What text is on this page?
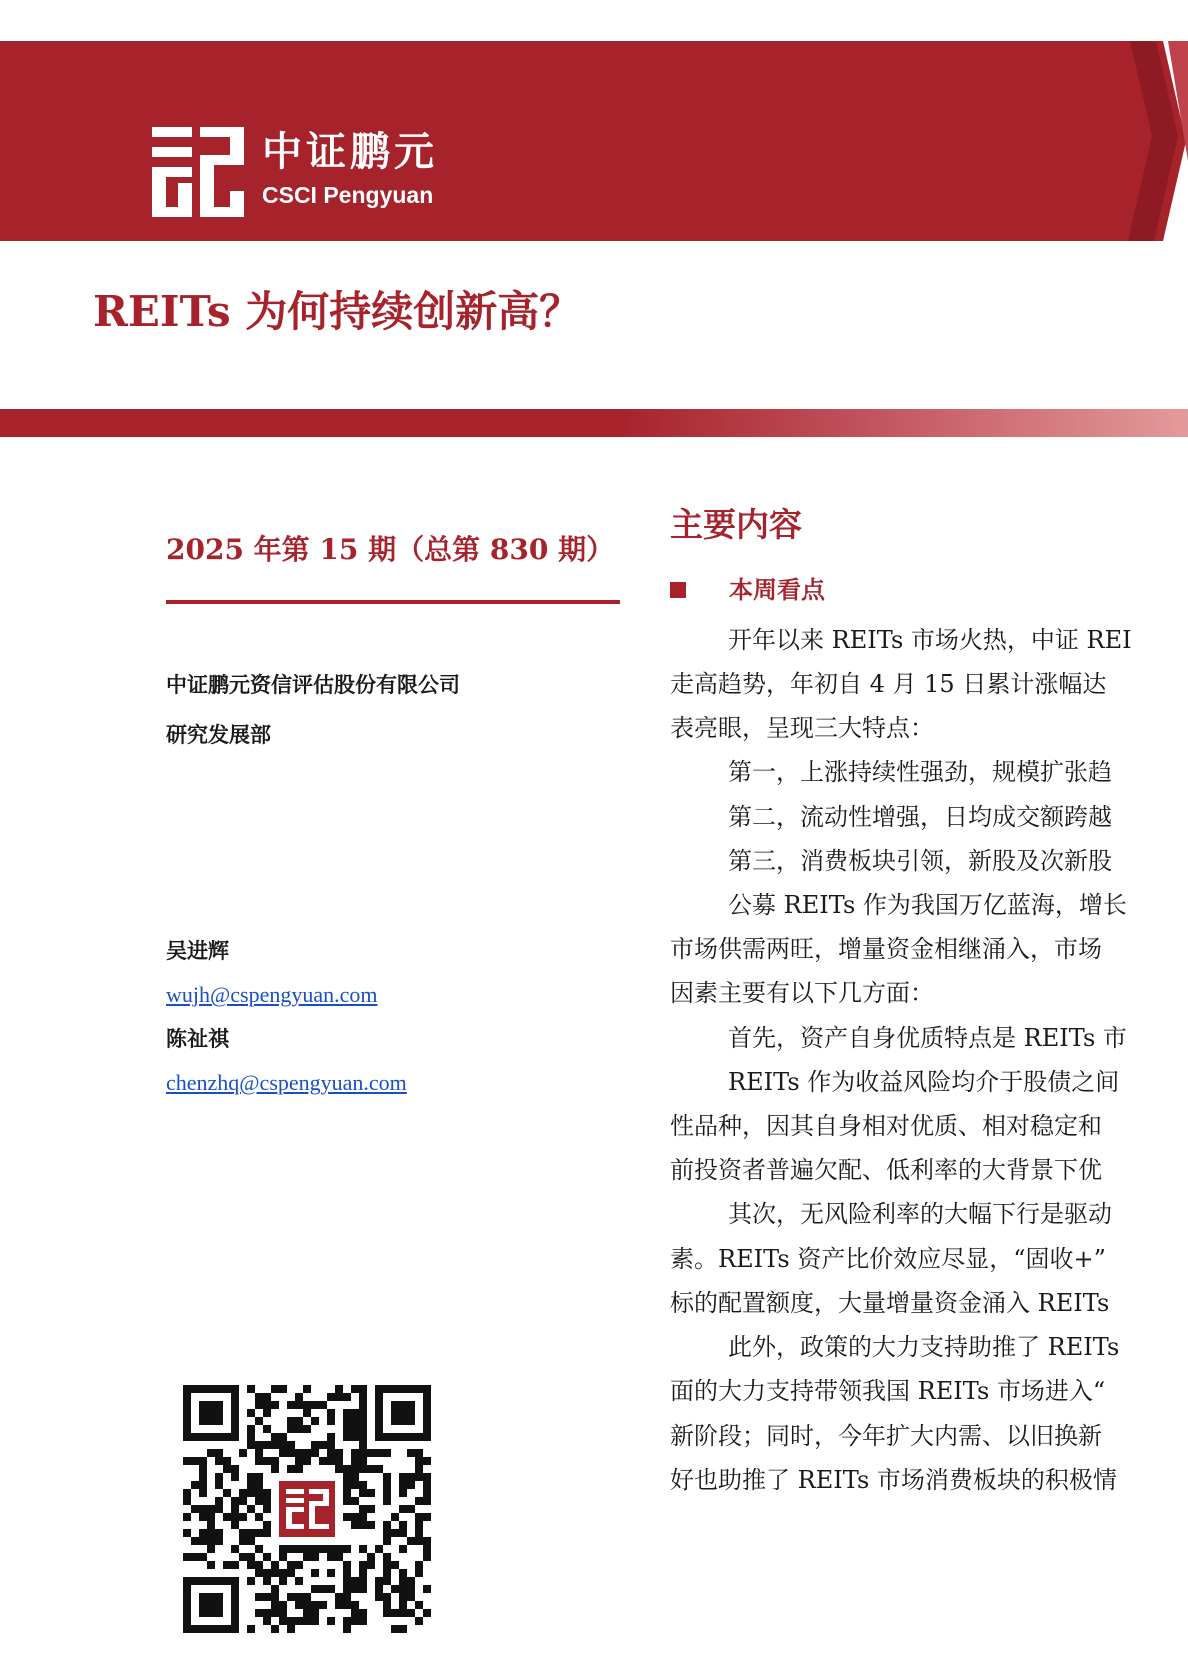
中证鹏元
CSCI Pengyuan
REITs 为何持续创新高？
2025 年第 15 期（总第 830 期）
中证鹏元资信评估股份有限公司
研究发展部
吴进辉
wujh@cspengyuan.com
陈祉祺
chenzhq@cspengyuan.com
主要内容
本周看点
开年以来 REITs 市场火热，中证 REI
走高趋势，年初自 4 月 15 日累计涨幅达
表亮眼，呈现三大特点：
第一，上涨持续性强劲，规模扩张趋
第二，流动性增强，日均成交额跨越
第三，消费板块引领，新股及次新股
公募 REITs 作为我国万亿蓝海，增长
市场供需两旺，增量资金相继涌入，市场
因素主要有以下几方面：
首先，资产自身优质特点是 REITs 市
REITs 作为收益风险均介于股债之间
性品种，因其自身相对优质、相对稳定和
前投资者普遍欠配、低利率的大背景下优
其次，无风险利率的大幅下行是驱动
素。REITs 资产比价效应尽显，“固收+”
标的配置额度，大量增量资金涌入 REITs
此外，政策的大力支持助推了 REITs
面的大力支持带领我国 REITs 市场进入“
新阶段；同时，今年扩大内需、以旧换新
好也助推了 REITs 市场消费板块的积极情
